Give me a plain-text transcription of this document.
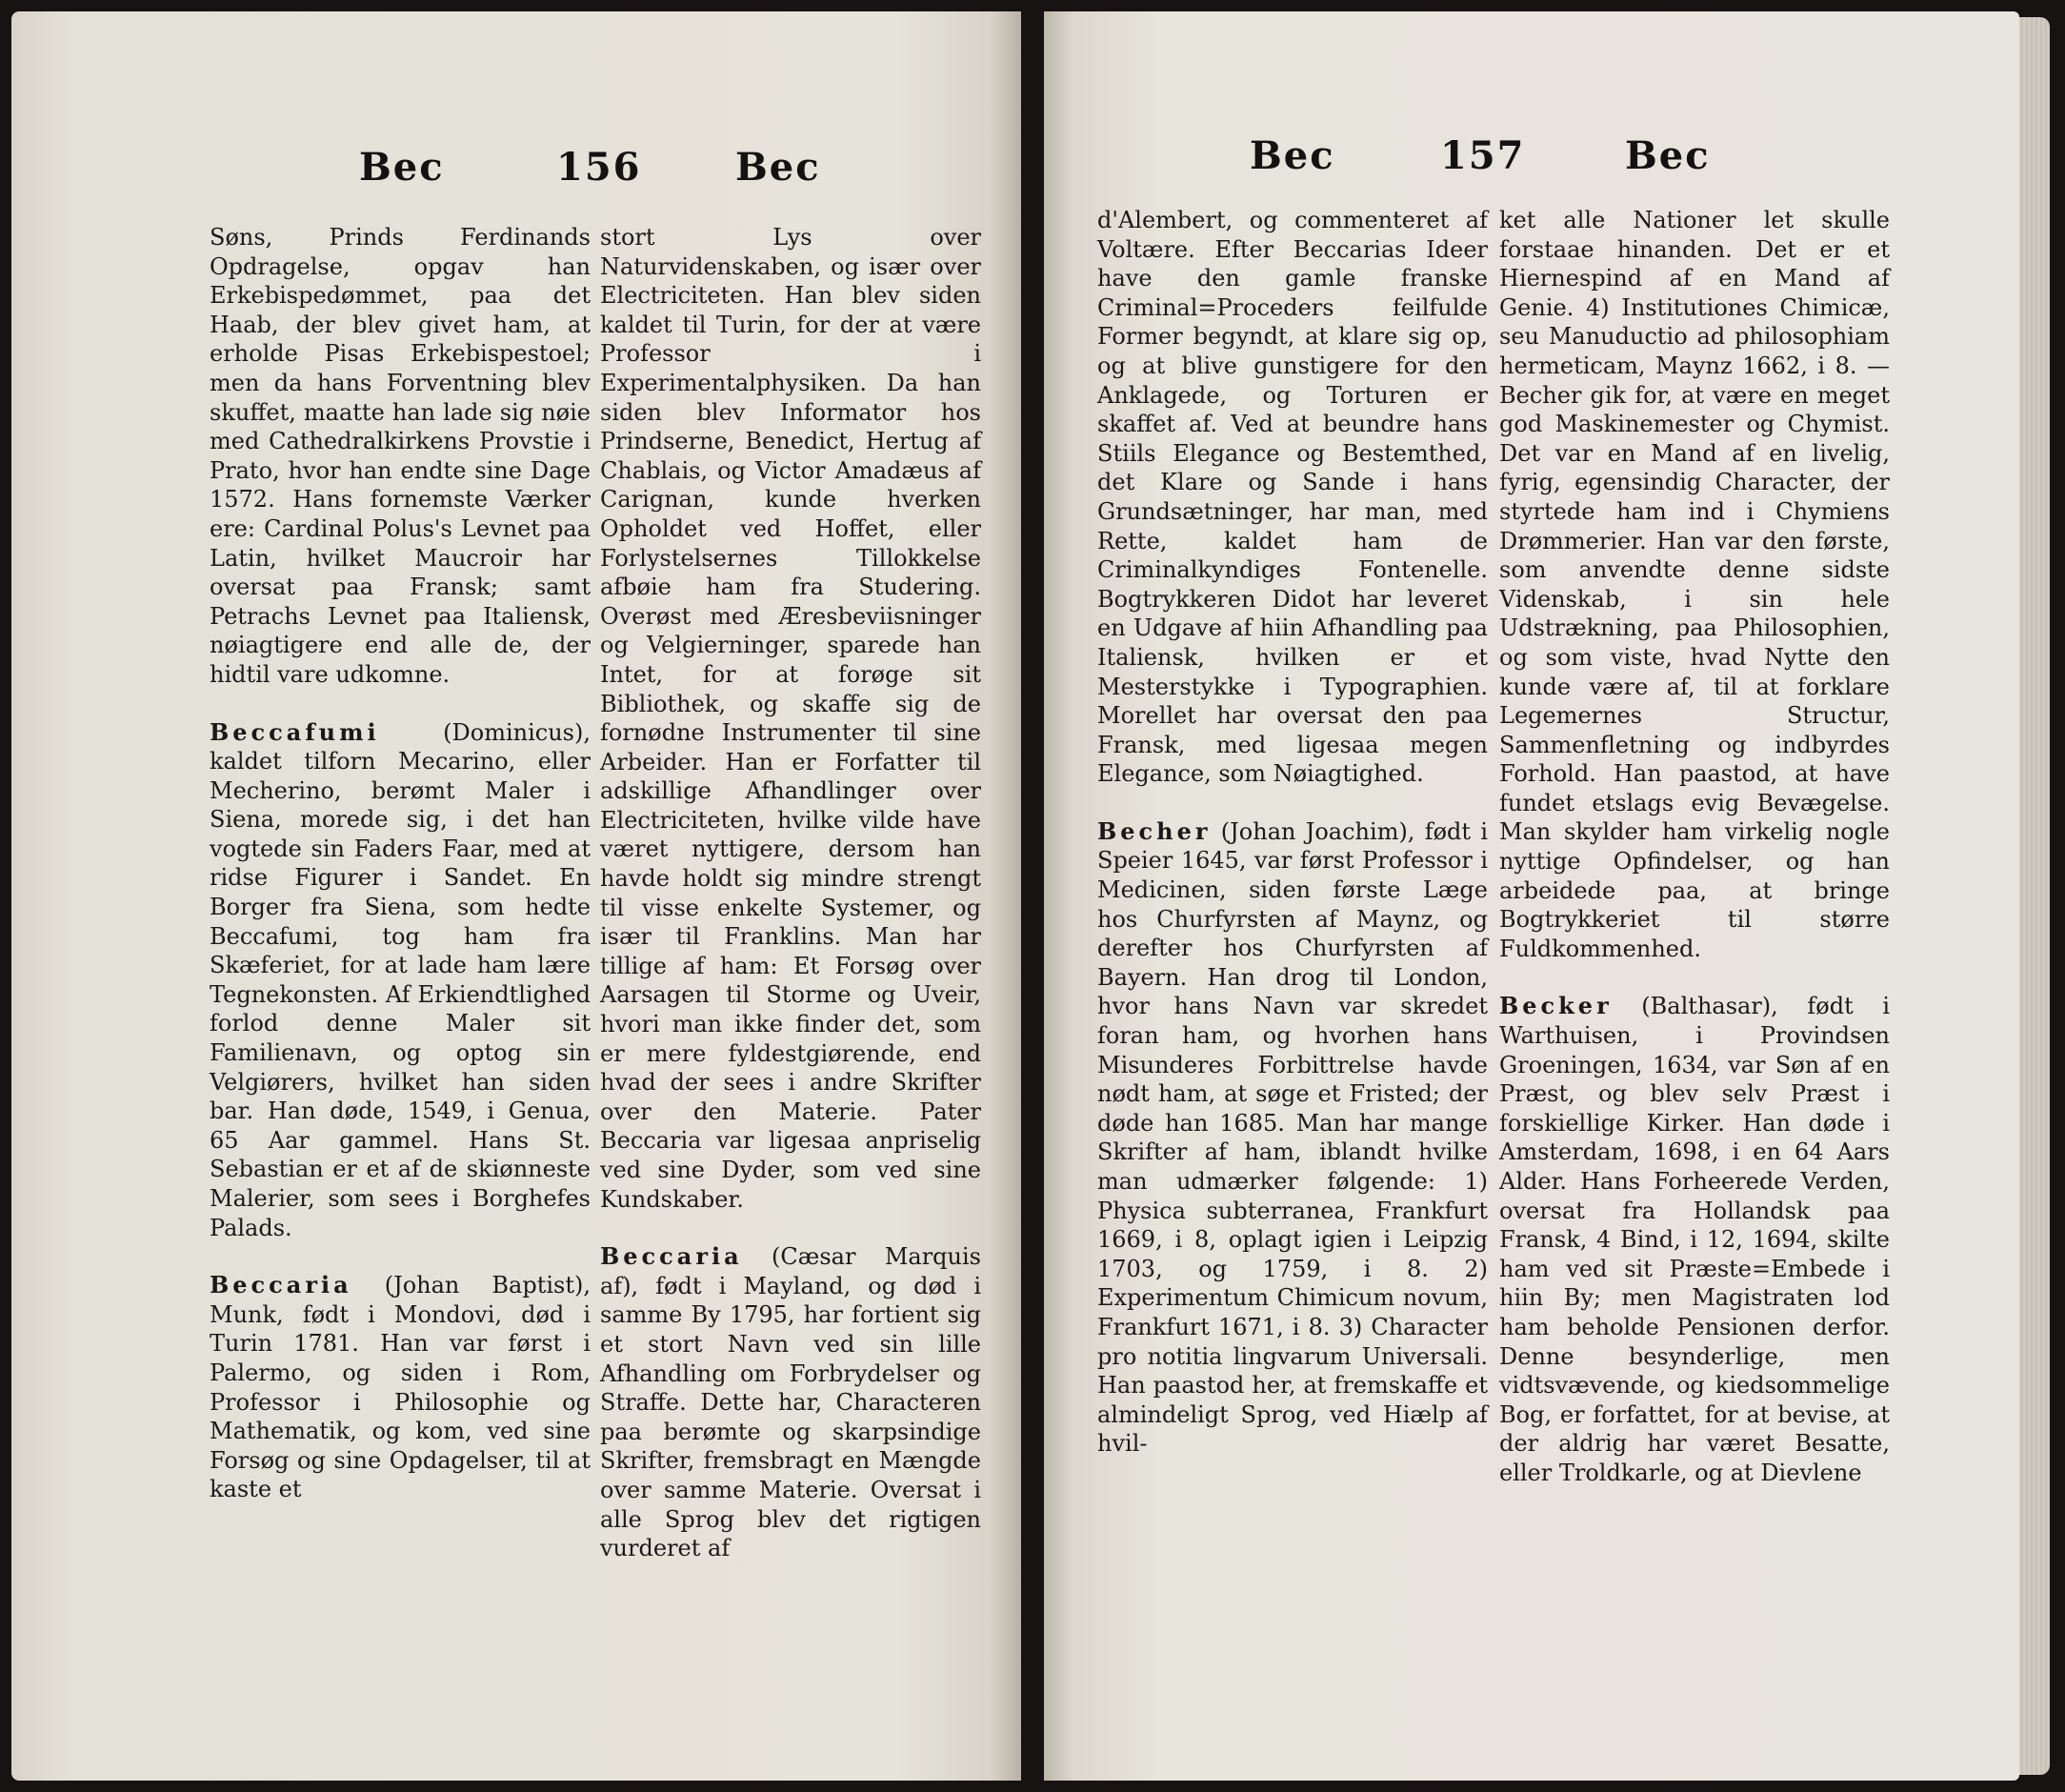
Bec	156 Bec

Søns, Prinds Ferdinands Opdragelse, opgav han Erkebispedømmet, paa det Haab, der blev givet ham, at erholde Pisas Erkebispestoel; men da hans Forventning blev skuffet, maatte han lade sig nøie med Cathedralkirkens Provstie i Prato, hvor han endte sine Dage 1572. Hans fornemste Værker ere: Cardinal Polus's Levnet paa Latin, hvilket Maucroir har oversat paa Fransk; samt Petrachs Levnet paa Italiensk, nøiagtigere end alle de, der hidtil vare udkomne.

Beccafumi (Dominicus), kaldet tilforn Mecarino, eller Mecherino, berømt Maler i Siena, morede sig, i det han vogtede sin Faders Faar, med at ridse Figurer i Sandet. En Borger fra Siena, som hedte Beccafumi, tog ham fra Skæferiet, for at lade ham lære Tegnekonsten. Af Erkiendtlighed forlod denne Maler sit Familienavn, og optog sin Velgiørers, hvilket han siden bar. Han døde, 1549, i Genua, 65 Aar gammel. Hans St. Sebastian er et af de skiønneste Malerier, som sees i Borghefes Palads.

Beccaria (Johan Baptist), Munk, født i Mondovi, død i Turin 1781. Han var først i Palermo, og siden i Rom, Professor i Philosophie og Mathematik, og kom, ved sine Forsøg og sine Opdagelser, til at kaste et

stort Lys over Naturvidenskaben, og især over Electriciteten. Han blev siden kaldet til Turin, for der at være Professor i Experimentalphysiken. Da han siden blev Informator hos Prindserne, Benedict, Hertug af Chablais, og Victor Amadæus af Carignan, kunde hverken Opholdet ved Hoffet, eller Forlystelsernes Tillokkelse afbøie ham fra Studering. Overøst med Æresbeviisninger og Velgierninger, sparede han Intet, for at forøge sit Bibliothek, og skaffe sig de fornødne Instrumenter til sine Arbeider. Han er Forfatter til adskillige Afhandlinger over Electriciteten, hvilke vilde have været nyttigere, dersom han havde holdt sig mindre strengt til visse enkelte Systemer, og især til Franklins. Man har tillige af ham: Et Forsøg over Aarsagen til Storme og Uveir, hvori man ikke finder det, som er mere fyldestgiørende, end hvad der sees i andre Skrifter over den Materie. Pater Beccaria var ligesaa anpriselig ved sine Dyder, som ved sine Kundskaber.

Beccaria (Cæsar Marquis af), født i Mayland, og død i samme By 1795, har fortient sig et stort Navn ved sin lille Afhandling om Forbrydelser og Straffe. Dette har, Characteren paa berømte og skarpsindige Skrifter, fremsbragt en Mængde over samme Materie. Oversat i alle Sprog blev det rigtigen vurderet af

Bec	157	Bec

d'Alembert, og commenteret af Voltære. Efter Beccarias Ideer have den gamle franske Criminal=Proceders feilfulde Former begyndt, at klare sig op, og at blive gunstigere for den Anklagede, og Torturen er skaffet af. Ved at beundre hans Stiils Elegance og Bestemthed, det Klare og Sande i hans Grundsætninger, har man, med Rette, kaldet ham de Criminalkyndiges Fontenelle. Bogtrykkeren Didot har leveret en Udgave af hiin Afhandling paa Italiensk, hvilken er et Mesterstykke i Typographien. Morellet har oversat den paa Fransk, med ligesaa megen Elegance, som Nøiagtighed.

Becher (Johan Joachim), født i Speier 1645, var først Professor i Medicinen, siden første Læge hos Churfyrsten af Maynz, og derefter hos Churfyrsten af Bayern. Han drog til London, hvor hans Navn var skredet foran ham, og hvorhen hans Misunderes Forbittrelse havde nødt ham, at søge et Fristed; der døde han 1685. Man har mange Skrifter af ham, iblandt hvilke man udmærker følgende: 1) Physica subterranea, Frankfurt 1669, i 8, oplagt igien i Leipzig 1703, og 1759, i 8. 2) Experimentum Chimicum novum, Frankfurt 1671, i 8. 3) Character pro notitia lingvarum Universali. Han paastod her, at fremskaffe et almindeligt Sprog, ved Hiælp af hvil-

ket alle Nationer let skulle forstaae hinanden. Det er et Hiernespind af en Mand af Genie. 4) Institutiones Chimicæ, seu Manuductio ad philosophiam hermeticam, Maynz 1662, i 8. — Becher gik for, at være en meget god Maskinemester og Chymist. Det var en Mand af en livelig, fyrig, egensindig Character, der styrtede ham ind i Chymiens Drømmerier. Han var den første, som anvendte denne sidste Videnskab, i sin hele Udstrækning, paa Philosophien, og som viste, hvad Nytte den kunde være af, til at forklare Legemernes Structur, Sammenfletning og indbyrdes Forhold. Han paastod, at have fundet etslags evig Bevægelse. Man skylder ham virkelig nogle nyttige Opfindelser, og han arbeidede paa, at bringe Bogtrykkeriet til større Fuldkommenhed.

Becker (Balthasar), født i Warthuisen, i Provindsen Groeningen, 1634, var Søn af en Præst, og blev selv Præst i forskiellige Kirker. Han døde i Amsterdam, 1698, i en 64 Aars Alder. Hans Forheerede Verden, oversat fra Hollandsk paa Fransk, 4 Bind, i 12, 1694, skilte ham ved sit Præste=Embede i hiin By; men Magistraten lod ham beholde Pensionen derfor. Denne besynderlige, men vidtsvævende, og kiedsommelige Bog, er forfattet, for at bevise, at der aldrig har været Besatte, eller Troldkarle, og at Dievlene
